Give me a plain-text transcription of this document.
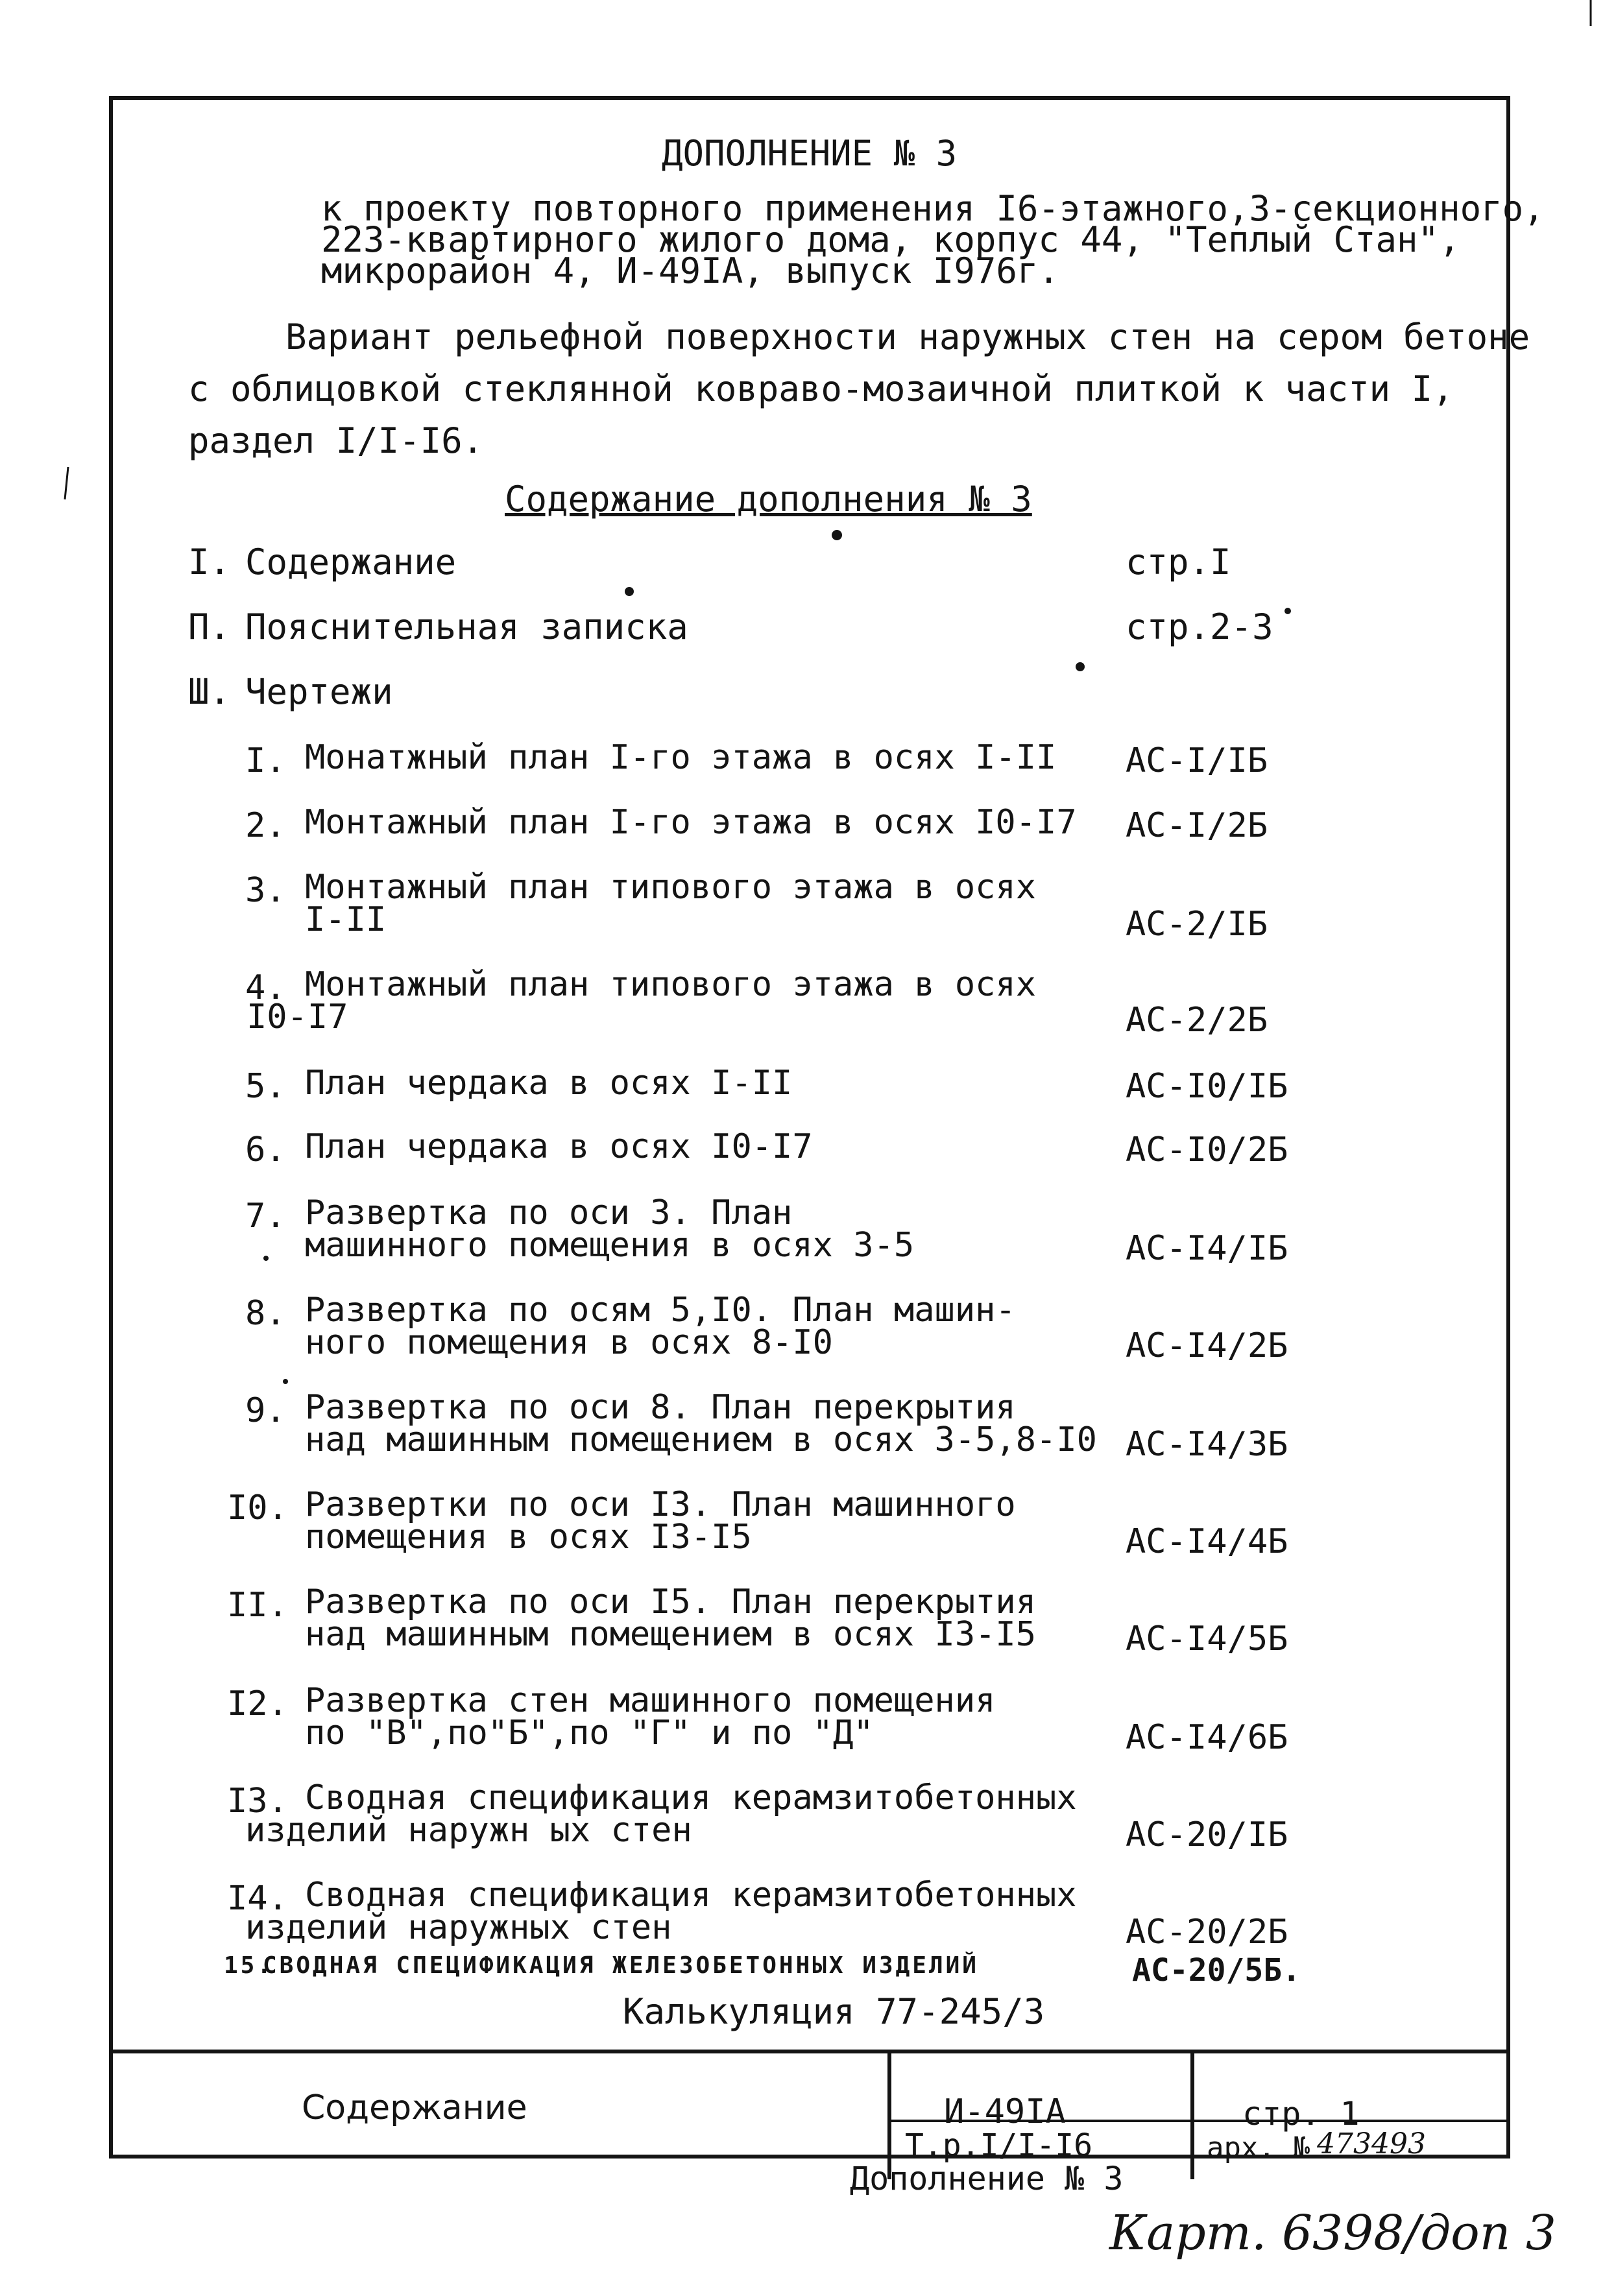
ДОПОЛНЕНИЕ № 3
к проекту повторного применения I6-этажного,3-секционного,
223-квартирного жилого дома, корпус 44, "Теплый Стан",
микрорайон 4, И-49IА, выпуск I976г.
Вариант рельефной поверхности наружных стен на сером бетоне
с облицовкой стеклянной ковраво-мозаичной плиткой к части I,
раздел I/I-I6.
Содержание дополнения № 3
I. Содержание	стр.I
П. Пояснительная записка	стр.2-3
Ш. Чертежи
I. Монатжный план I-го этажа в осях I-II АС-I/IБ
2. Монтажный план I-го этажа в осях I0-I7 АС-I/2Б
3. Монтажный план типового этажа в осях
I-II	АС-2/IБ
4. Монтажный план типового этажа в осях
I0-I7	АС-2/2Б
5. План чердака в осях I-II	АС-I0/IБ
6. План чердака в осях I0-I7	АС-I0/2Б
7. Развертка по оси 3. План
машинного помещения в осях 3-5	АС-I4/IБ
8. Развертка по осям 5,I0. План машин-
ного помещения в осях 8-I0	АС-I4/2Б
9. Развертка по оси 8. План перекрытия
над машинным помещением в осях 3-5,8-I0 АС-I4/3Б
I0. Развертки по оси I3. План машинного
помещения в осях I3-I5	АС-I4/4Б
II. Развертка по оси I5. План перекрытия
над машинным помещением в осях I3-I5	АС-I4/5Б
I2. Развертка стен машинного помещения
по "В",по"Б",по "Г" и по "Д"	АС-I4/6Б
I3. Сводная спецификация керамзитобетонных
изделий наружн ых стен	АС-20/IБ
I4. Сводная спецификация керамзитобетонных
изделий наружных стен	АС-20/2Б
15.
СВОДНАЯ СПЕЦИФИКАЦИЯ ЖЕЛЕЗОБЕТОННЫХ ИЗДЕЛИЙ	АС-20/5Б.
Калькуляция 77-245/3
Содержание	И-49IА
Т.р.I/I-I6
стр. 1
арх. № 473493
Дополнение № 3
Карт. 6398/доп 3
